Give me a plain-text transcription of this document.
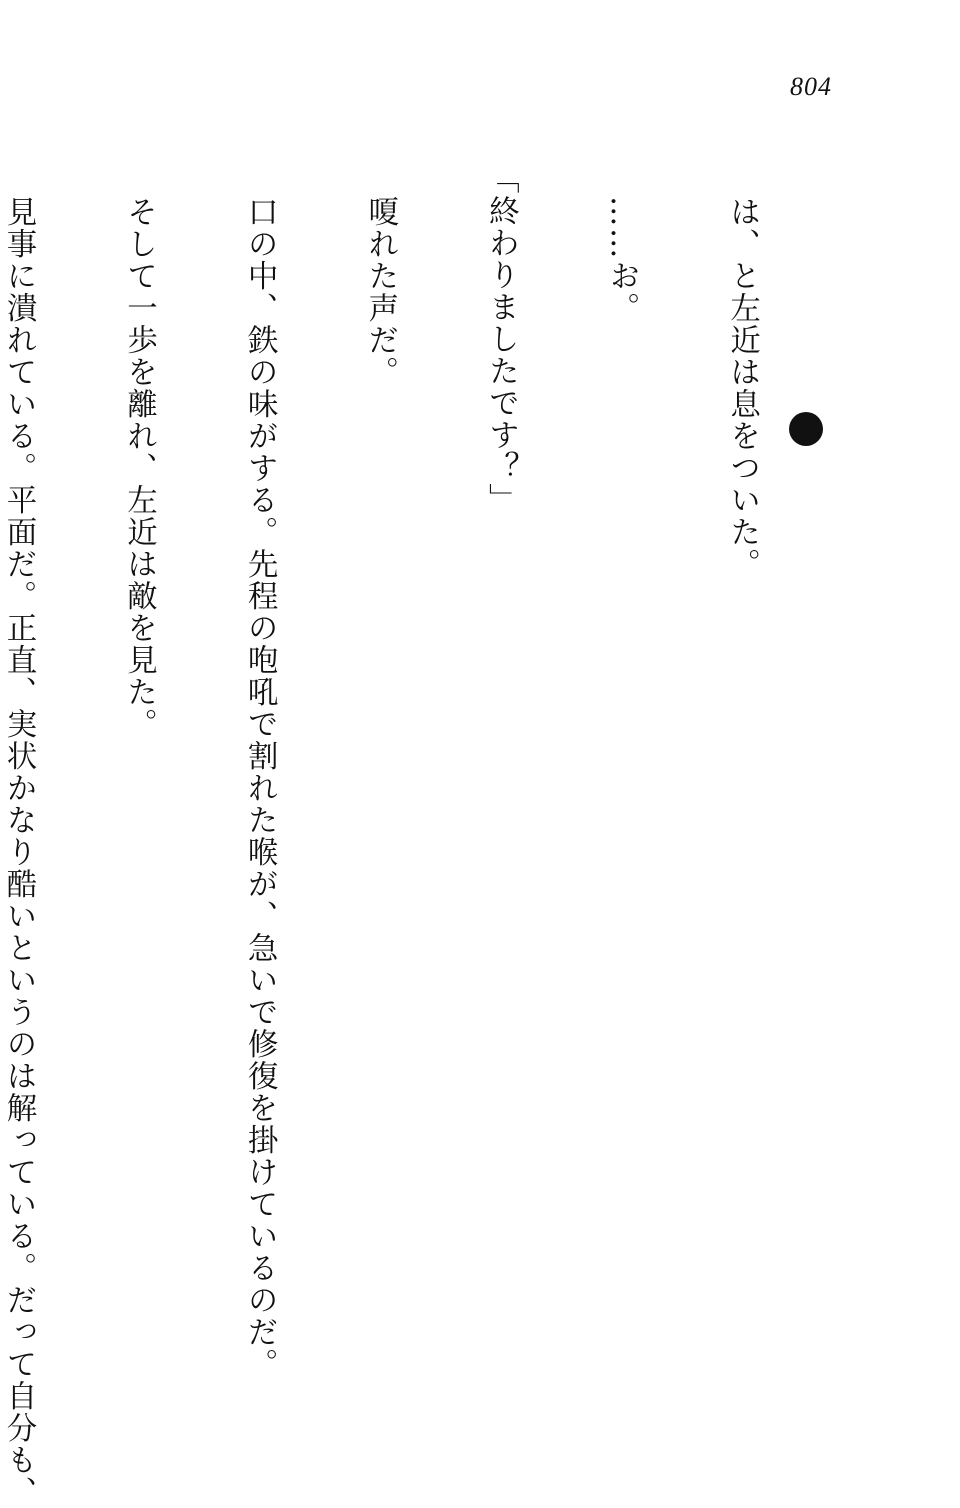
804

は、と左近は息をついた。

……お。

「終わりましたです？」

嗄れた声だ。

口の中、鉄の味がする。先程の咆吼で割れた喉が、急いで修復を掛けているのだ。

そして一歩を離れ、左近は敵を見た。

見事に潰れている。平面だ。正直、実状かなり酷いというのは解っている。だって自分も、
